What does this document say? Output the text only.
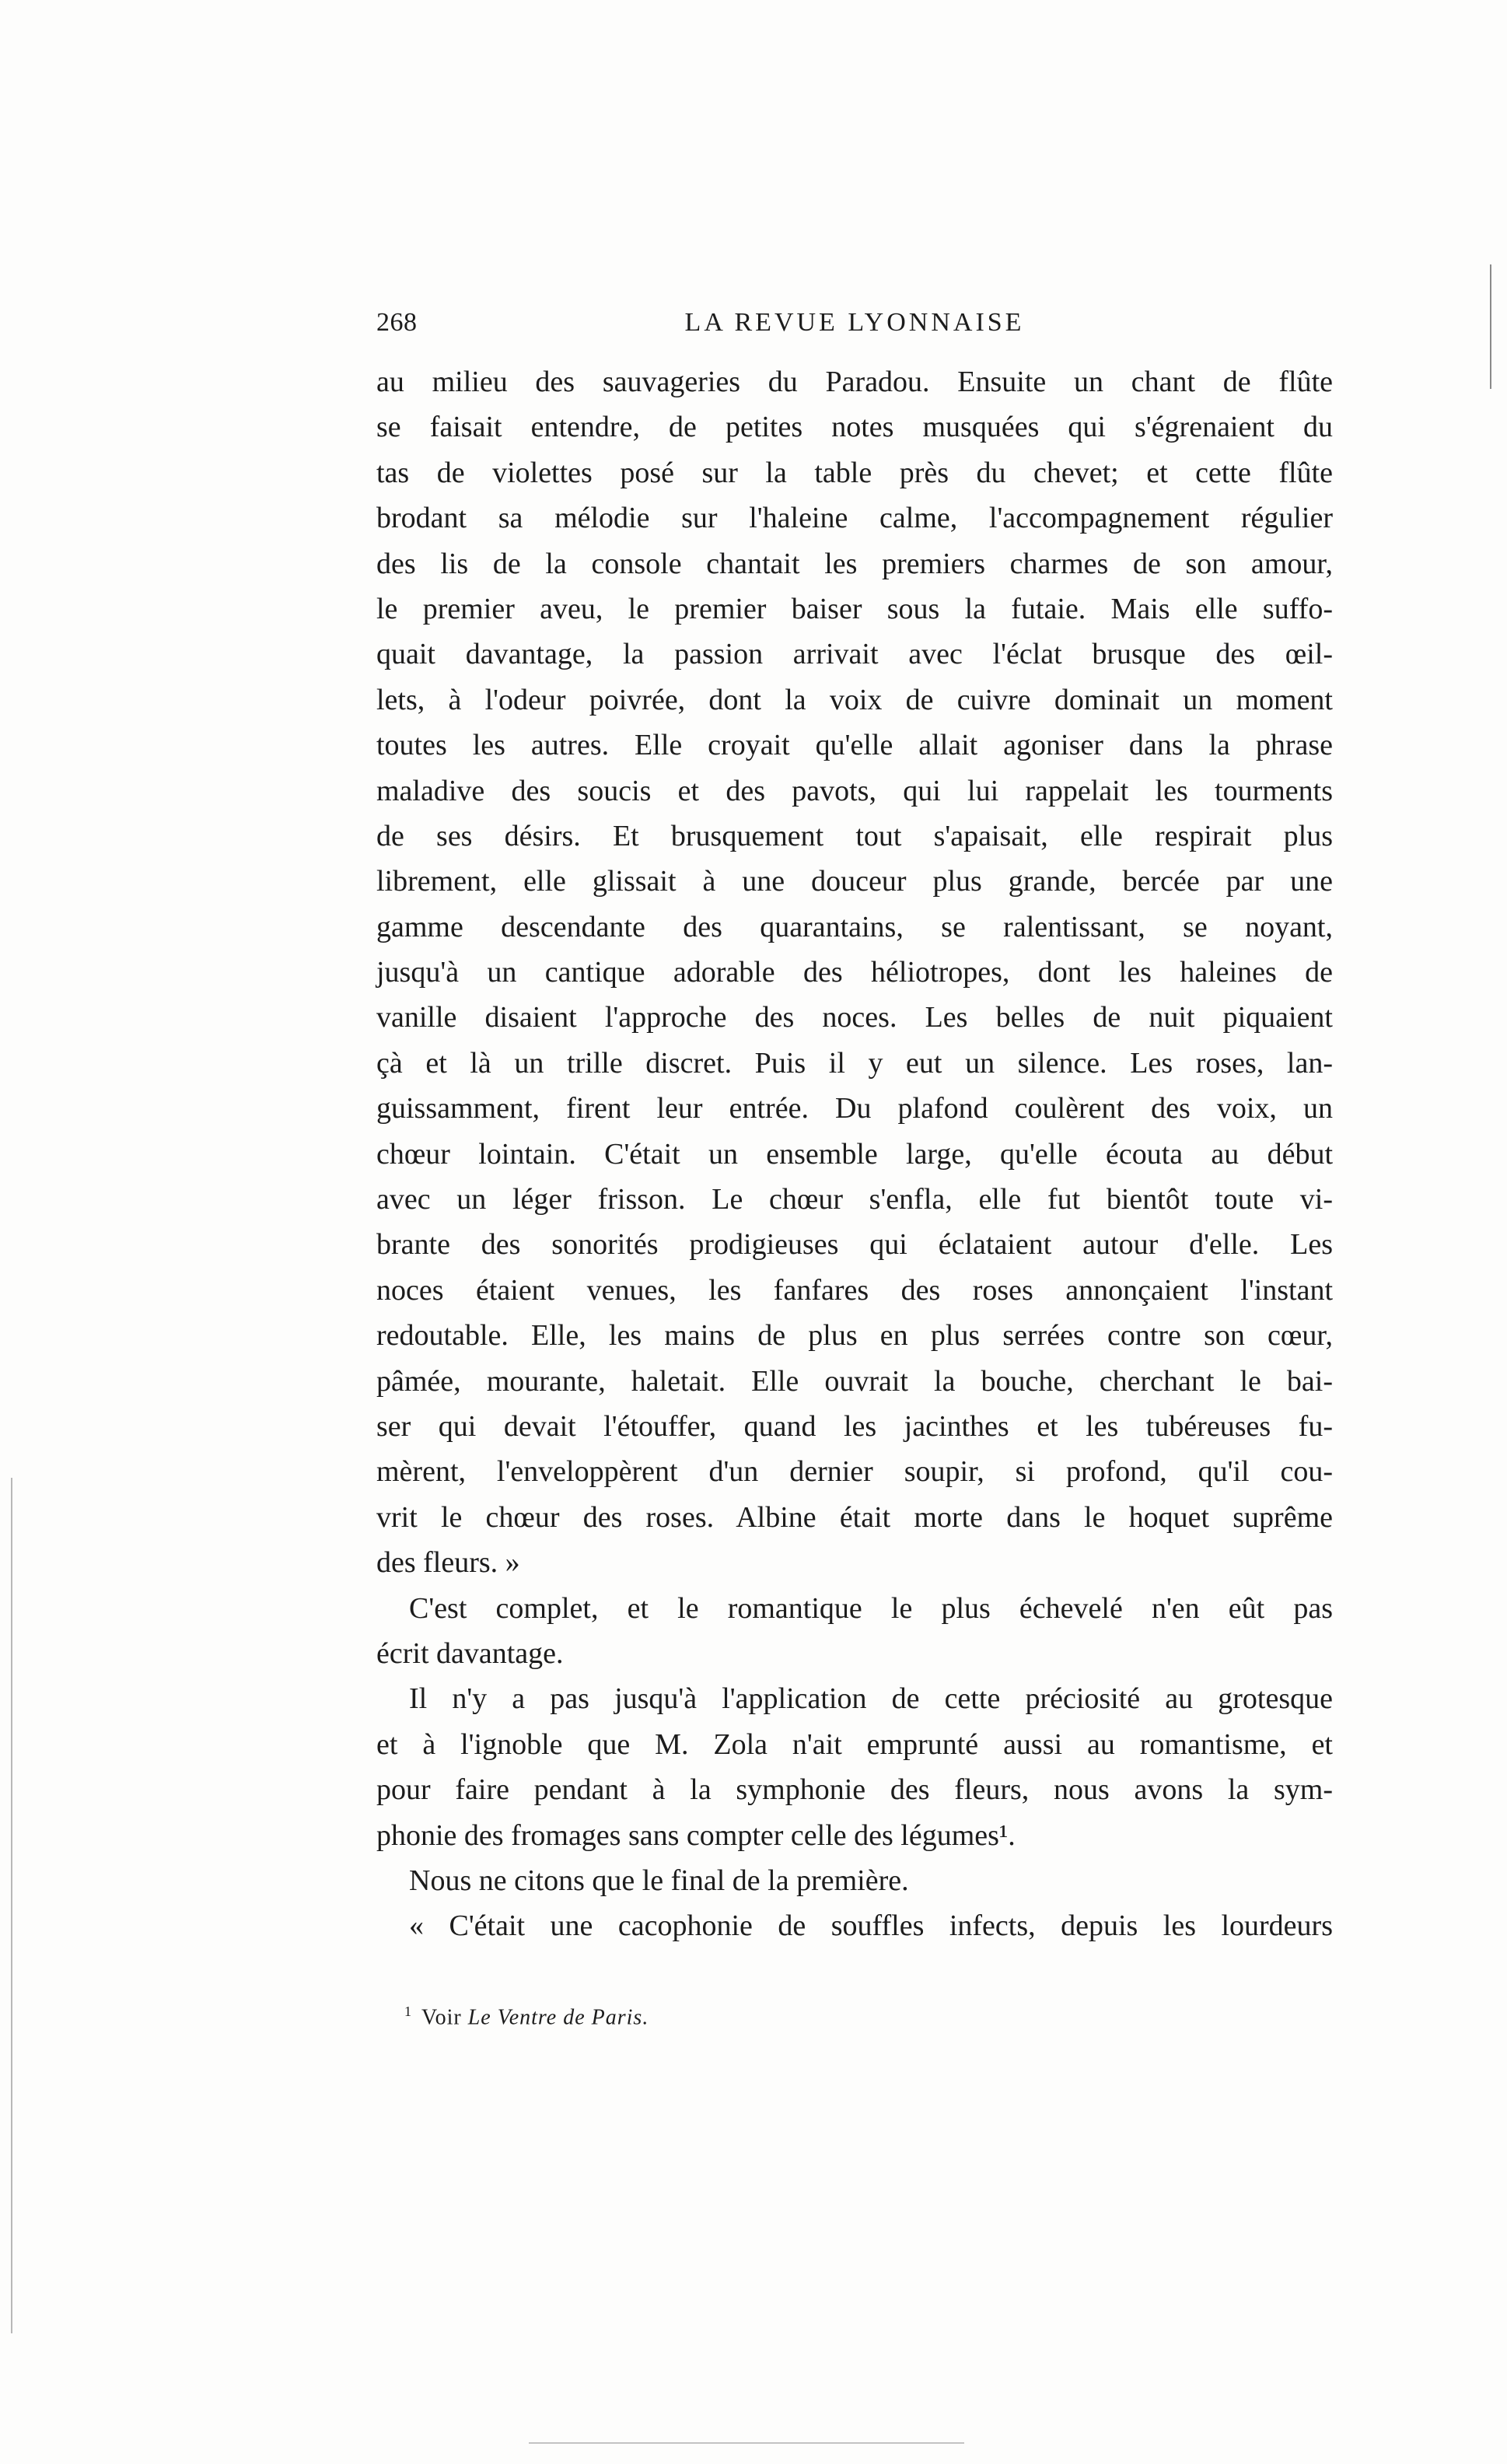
268	LA REVUE LYONNAISE
au milieu des sauvageries du Paradou. Ensuite un chant de flûte
se faisait entendre, de petites notes musquées qui s'égrenaient du
tas de violettes posé sur la table près du chevet; et cette flûte
brodant sa mélodie sur l'haleine calme, l'accompagnement régulier
des lis de la console chantait les premiers charmes de son amour,
le premier aveu, le premier baiser sous la futaie. Mais elle suffo-
quait davantage, la passion arrivait avec l'éclat brusque des œil-
lets, à l'odeur poivrée, dont la voix de cuivre dominait un moment
toutes les autres. Elle croyait qu'elle allait agoniser dans la phrase
maladive des soucis et des pavots, qui lui rappelait les tourments
de ses désirs. Et brusquement tout s'apaisait, elle respirait plus
librement, elle glissait à une douceur plus grande, bercée par une
gamme descendante des quarantains, se ralentissant, se noyant,
jusqu'à un cantique adorable des héliotropes, dont les haleines de
vanille disaient l'approche des noces. Les belles de nuit piquaient
çà et là un trille discret. Puis il y eut un silence. Les roses, lan-
guissamment, firent leur entrée. Du plafond coulèrent des voix, un
chœur lointain. C'était un ensemble large, qu'elle écouta au début
avec un léger frisson. Le chœur s'enfla, elle fut bientôt toute vi-
brante des sonorités prodigieuses qui éclataient autour d'elle. Les
noces étaient venues, les fanfares des roses annonçaient l'instant
redoutable. Elle, les mains de plus en plus serrées contre son cœur,
pâmée, mourante, haletait. Elle ouvrait la bouche, cherchant le bai-
ser qui devait l'étouffer, quand les jacinthes et les tubéreuses fu-
mèrent, l'enveloppèrent d'un dernier soupir, si profond, qu'il cou-
vrit le chœur des roses. Albine était morte dans le hoquet suprême
des fleurs. »
C'est complet, et le romantique le plus échevelé n'en eût pas
écrit davantage.
Il n'y a pas jusqu'à l'application de cette préciosité au grotesque
et à l'ignoble que M. Zola n'ait emprunté aussi au romantisme, et
pour faire pendant à la symphonie des fleurs, nous avons la sym-
phonie des fromages sans compter celle des légumes¹.
Nous ne citons que le final de la première.
« C'était une cacophonie de souffles infects, depuis les lourdeurs
$^1$ Voir Le Ventre de Paris.
